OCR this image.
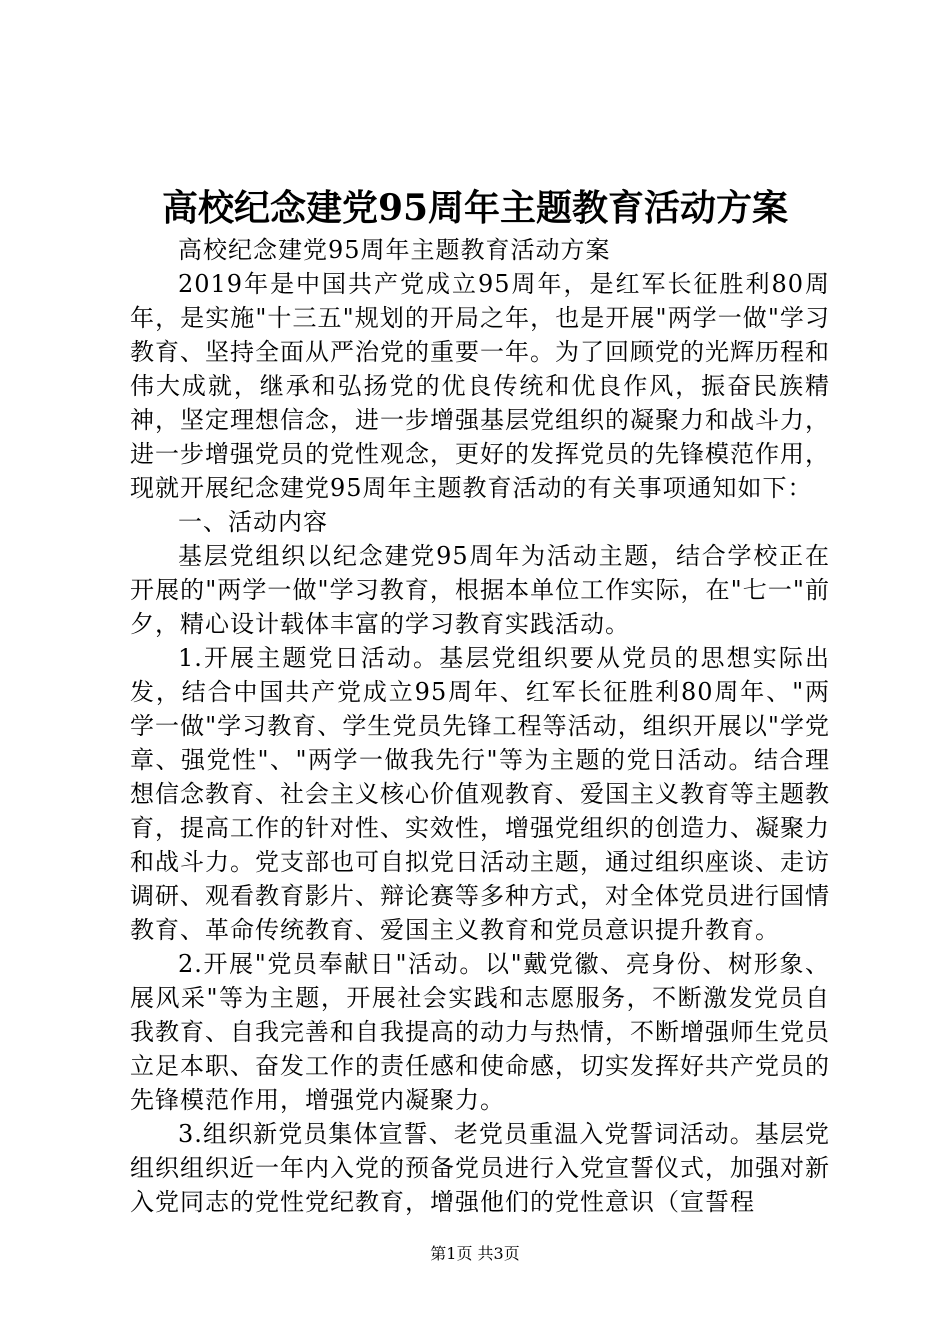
高校纪念建党95周年主题教育活动方案

高校纪念建党95周年主题教育活动方案

2019年是中国共产党成立95周年，是红军长征胜利80周年，是实施"十三五"规划的开局之年，也是开展"两学一做"学习教育、坚持全面从严治党的重要一年。为了回顾党的光辉历程和伟大成就，继承和弘扬党的优良传统和优良作风，振奋民族精神，坚定理想信念，进一步增强基层党组织的凝聚力和战斗力，进一步增强党员的党性观念，更好的发挥党员的先锋模范作用，现就开展纪念建党95周年主题教育活动的有关事项通知如下：

一、活动内容

基层党组织以纪念建党95周年为活动主题，结合学校正在开展的"两学一做"学习教育，根据本单位工作实际，在"七一"前夕，精心设计载体丰富的学习教育实践活动。

1.开展主题党日活动。基层党组织要从党员的思想实际出发，结合中国共产党成立95周年、红军长征胜利80周年、"两学一做"学习教育、学生党员先锋工程等活动，组织开展以"学党章、强党性"、"两学一做我先行"等为主题的党日活动。结合理想信念教育、社会主义核心价值观教育、爱国主义教育等主题教育，提高工作的针对性、实效性，增强党组织的创造力、凝聚力和战斗力。党支部也可自拟党日活动主题，通过组织座谈、走访调研、观看教育影片、辩论赛等多种方式，对全体党员进行国情教育、革命传统教育、爱国主义教育和党员意识提升教育。

2.开展"党员奉献日"活动。以"戴党徽、亮身份、树形象、展风采"等为主题，开展社会实践和志愿服务，不断激发党员自我教育、自我完善和自我提高的动力与热情，不断增强师生党员立足本职、奋发工作的责任感和使命感，切实发挥好共产党员的先锋模范作用，增强党内凝聚力。

3.组织新党员集体宣誓、老党员重温入党誓词活动。基层党组织组织近一年内入党的预备党员进行入党宣誓仪式，加强对新入党同志的党性党纪教育，增强他们的党性意识（宣誓程

第1页 共3页
